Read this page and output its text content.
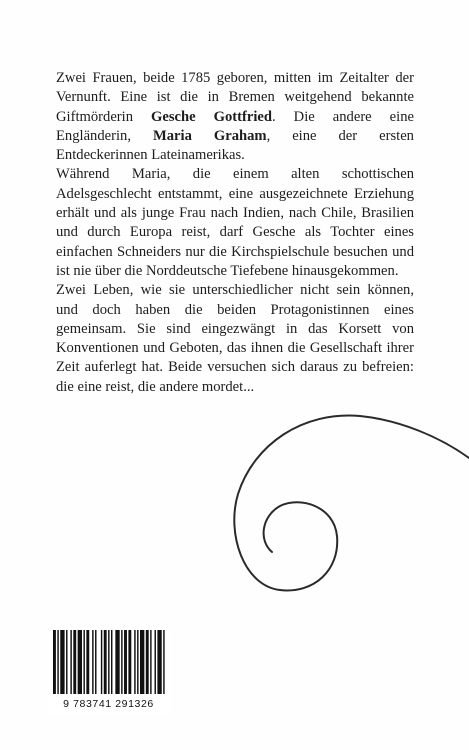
Zwei Frauen, beide 1785 geboren, mitten im Zeitalter der Vernunft. Eine ist die in Bremen weitgehend bekannte Giftmörderin Gesche Gottfried. Die andere eine Engländerin, Maria Graham, eine der ersten Entdeckerinnen Lateinamerikas.

Während Maria, die einem alten schottischen Adelsgeschlecht entstammt, eine ausgezeichnete Erziehung erhält und als junge Frau nach Indien, nach Chile, Brasilien und durch Europa reist, darf Gesche als Tochter eines einfachen Schneiders nur die Kirchspielschule besuchen und ist nie über die Norddeutsche Tiefebene hinausgekommen.

Zwei Leben, wie sie unterschiedlicher nicht sein können, und doch haben die beiden Protagonistinnen eines gemeinsam. Sie sind eingezwängt in das Korsett von Konventionen und Geboten, das ihnen die Gesellschaft ihrer Zeit auferlegt hat. Beide versuchen sich daraus zu befreien: die eine reist, die andere mordet...

9 783741 291326
